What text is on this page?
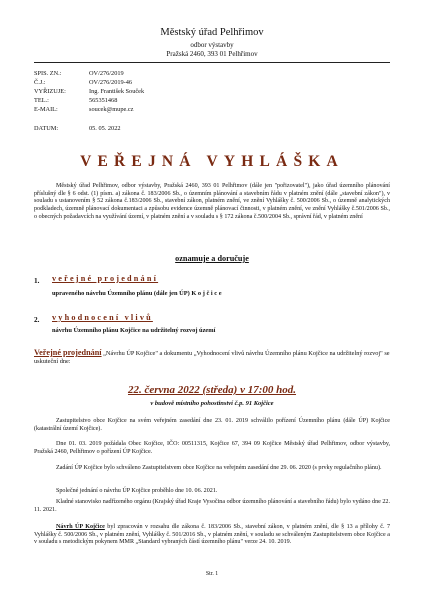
Městský úřad Pelhřimov
odbor výstavby
Pražská 2460, 393 01 Pelhřimov
SPIS. ZN.:	OV/276/2019
Č.J.:	OV/276/2019-46
VYŘIZUJE:	Ing. František Souček
TEL.:	565351468
E-MAIL:	soucek@mupe.cz
DATUM:	05. 05. 2022
VEŘEJNÁ VYHLÁŠKA
Městský úřad Pelhřimov, odbor výstavby, Pražská 2460, 393 01 Pelhřimov (dále jen "pořizovatel"), jako úřad územního plánování příslušný dle § 6 odst. (1) písm. a) zákona č. 183/2006 Sb., o územním plánování a stavebním řádu v platném znění (dále „stavební zákon"), v souladu s ustanovením § 52 zákona č.183/2006 Sb., stavební zákon, platném znění, ve znění Vyhlášky č. 500/2006 Sb., o územně analytických podkladech, územně plánovací dokumentaci a způsobu evidence územně plánovací činnosti, v platném znění, ve znění Vyhlášky č.501/2006 Sb., o obecných požadavcích na využívání území, v platném znění a v souladu s § 172 zákona č.500/2004 Sb., správní řád, v platném znění
oznamuje a doručuje
1. veřejné projednání
upraveného návrhu Územního plánu (dále jen ÚP) K o j č i c e
2. vyhodnocení vlivů
návrhu Územního plánu Kojčice na udržitelný rozvoj území
Veřejné projednání „Návrhu ÚP Kojčice" a dokumentu „Vyhodnocení vlivů návrhu Územního plánu Kojčice na udržitelný rozvoj" se uskuteční dne:
22. června 2022 (středa) v 17:00 hod.
v budově místního pohostinství č.p. 91 Kojčice
Zastupitelstvo obce Kojčice na svém veřejném zasedání dne 23. 01. 2019 schválilo pořízení Územního plánu (dále ÚP) Kojčice (katastrální území Kojčice).
Dne 01. 03. 2019 požádala Obec Kojčice, IČO: 00511315, Kojčice 67, 394 09 Kojčice Městský úřad Pelhřimov, odbor výstavby, Pražská 2460, Pelhřimov o pořízení ÚP Kojčice.
Zadání ÚP Kojčice bylo schváleno Zastupitelstvem obce Kojčice na veřejném zasedání dne 29. 06. 2020 (s prvky regulačního plánu).
Společné jednání o návrhu ÚP Kojčice proběhlo dne 10. 06. 2021.
Kladné stanovisko nadřízeného orgánu (Krajský úřad Kraje Vysočina odbor územního plánování a stavebního řádu) bylo vydáno dne 22. 11. 2021.
Návrh ÚP Kojčice byl zpracován v rozsahu dle zákona č. 183/2006 Sb., stavební zákon, v platném znění, dle § 13 a přílohy č. 7 Vyhlášky č. 500/2006 Sb., v platném znění, Vyhlášky č. 501/2016 Sb., v platném znění, v souladu se schváleným Zastupitelstvem obce Kojčice a v souladu s metodickým pokynem MMR „Standard vybraných částí územního plánu" verze 24. 10. 2019.
Str. 1
